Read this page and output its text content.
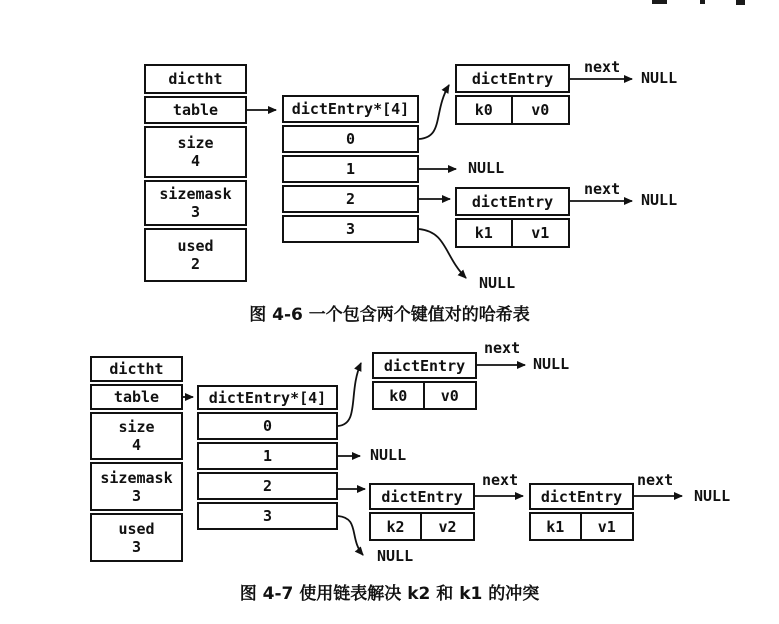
dictht
table
size
4
sizemask
3
used
2
dictEntry*[4]
0
1
2
3
dictEntry
k0	v0
dictEntry
k1	v1
next
NULL
NULL
next
NULL
NULL
图 4-6 一个包含两个键值对的哈希表
dictht
table
size
4
sizemask
3
used
3
dictEntry*[4]
0
1
2
3
dictEntry
k0	v0
dictEntry
k2	v2
dictEntry
k1	v1
next
NULL
NULL
next	next
NULL
NULL
图 4-7 使用链表解决 k2 和 k1 的冲突
